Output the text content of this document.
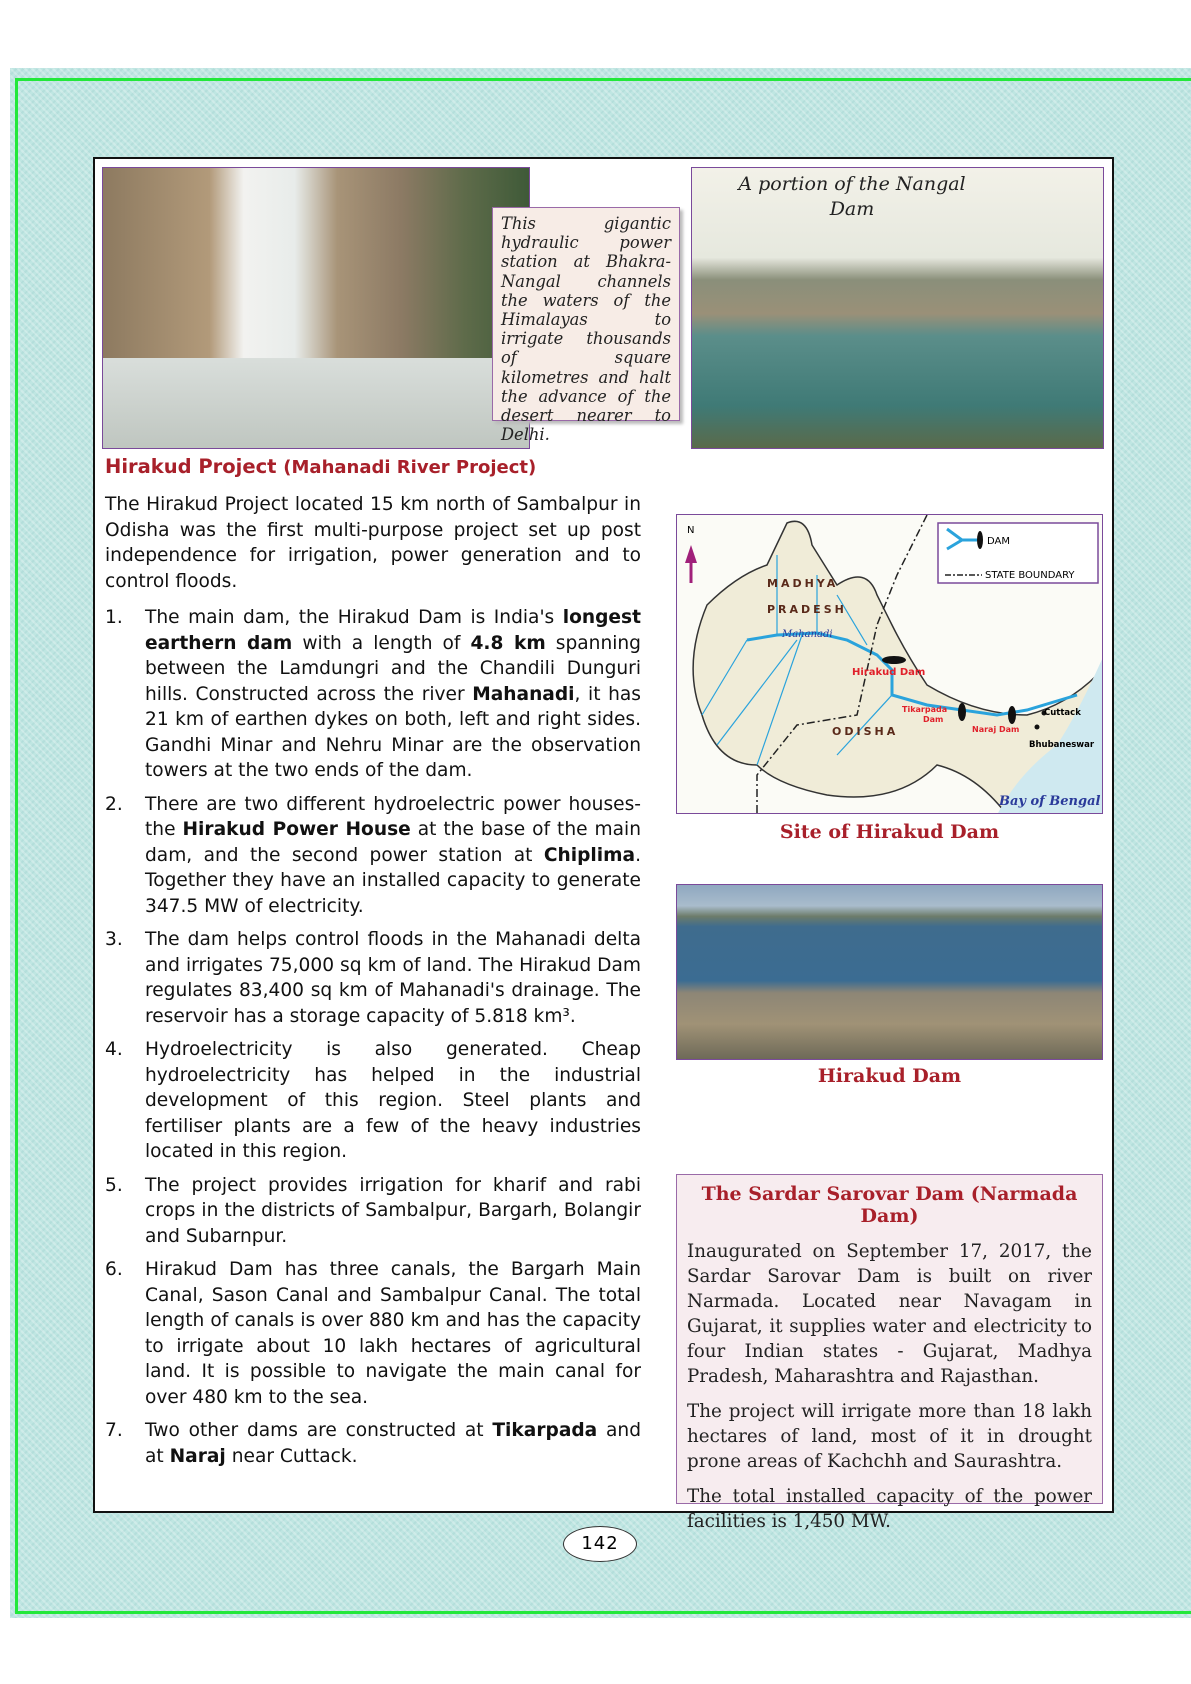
This gigantic hydraulic power station at Bhakra-Nangal channels the waters of the Himalayas to irrigate thousands of square kilometres and halt the advance of the desert nearer to Delhi.
A portion of the Nangal Dam
Hirakud Project (Mahanadi River Project)

The Hirakud Project located 15 km north of Sambalpur in Odisha was the first multi-purpose project set up post independence for irrigation, power generation and to control floods.

1.	The main dam, the Hirakud Dam is India's longest earthern dam with a length of 4.8 km spanning between the Lamdungri and the Chandili Dunguri hills. Constructed across the river Mahanadi, it has 21 km of earthen dykes on both, left and right sides. Gandhi Minar and Nehru Minar are the observation towers at the two ends of the dam.
2.	There are two different hydroelectric power houses- the Hirakud Power House at the base of the main dam, and the second power station at Chiplima. Together they have an installed capacity to generate 347.5 MW of electricity.
3.	The dam helps control floods in the Mahanadi delta and irrigates 75,000 sq km of land. The Hirakud Dam regulates 83,400 sq km of Mahanadi's drainage. The reservoir has a storage capacity of 5.818 km³.
4.	Hydroelectricity is also generated. Cheap hydroelectricity has helped in the industrial development of this region. Steel plants and fertiliser plants are a few of the heavy industries located in this region.
5.	The project provides irrigation for kharif and rabi crops in the districts of Sambalpur, Bargarh, Bolangir and Subarnpur.
6.	Hirakud Dam has three canals, the Bargarh Main Canal, Sason Canal and Sambalpur Canal. The total length of canals is over 880 km and has the capacity to irrigate about 10 lakh hectares of agricultural land. It is possible to navigate the main canal for over 480 km to the sea.
7.	Two other dams are constructed at Tikarpada and at Naraj near Cuttack.
N
DAM
STATE BOUNDARY
MADHYA
PRADESH
Mahanadi
Hirakud Dam
ODISHA
Tikarpada
Dam
Naraj Dam
Cuttack
Bhubaneswar
Bay of Bengal
Site of Hirakud Dam
Hirakud Dam
The Sardar Sarovar Dam (Narmada Dam)

Inaugurated on September 17, 2017, the Sardar Sarovar Dam is built on river Narmada. Located near Navagam in Gujarat, it supplies water and electricity to four Indian states - Gujarat, Madhya Pradesh, Maharashtra and Rajasthan.

The project will irrigate more than 18 lakh hectares of land, most of it in drought prone areas of Kachchh and Saurashtra.

The total installed capacity of the power facilities is 1,450 MW.

142
